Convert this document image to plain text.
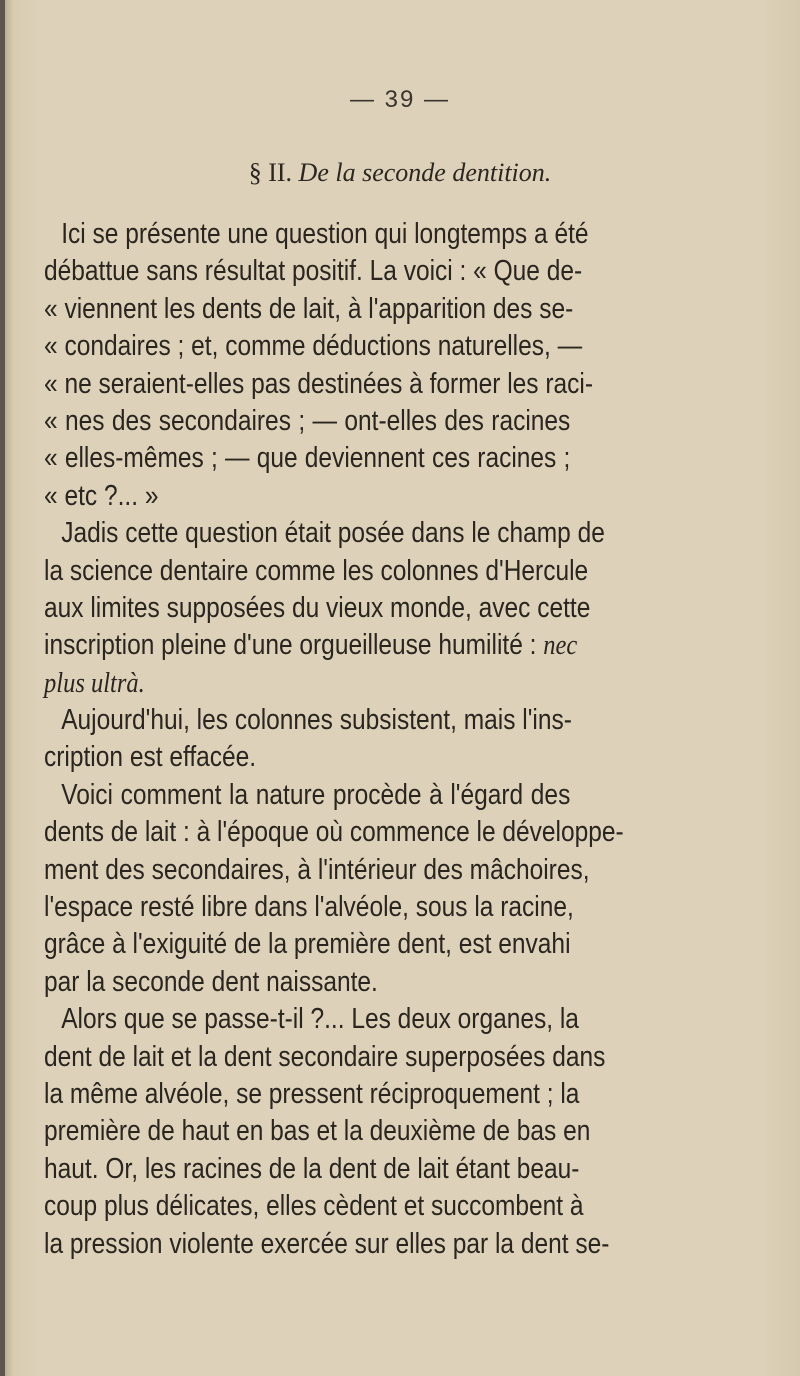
— 39 —
§ II. De la seconde dentition.
Ici se présente une question qui longtemps a été
débattue sans résultat positif. La voici : « Que de-
« viennent les dents de lait, à l'apparition des se-
« condaires ; et, comme déductions naturelles, —
« ne seraient-elles pas destinées à former les raci-
« nes des secondaires ; — ont-elles des racines
« elles-mêmes ; — que deviennent ces racines ;
« etc ?... »
Jadis cette question était posée dans le champ de
la science dentaire comme les colonnes d'Hercule
aux limites supposées du vieux monde, avec cette
inscription pleine d'une orgueilleuse humilité : nec
plus ultrà.
Aujourd'hui, les colonnes subsistent, mais l'ins-
cription est effacée.
Voici comment la nature procède à l'égard des
dents de lait : à l'époque où commence le développe-
ment des secondaires, à l'intérieur des mâchoires,
l'espace resté libre dans l'alvéole, sous la racine,
grâce à l'exiguité de la première dent, est envahi
par la seconde dent naissante.
Alors que se passe-t-il ?... Les deux organes, la
dent de lait et la dent secondaire superposées dans
la même alvéole, se pressent réciproquement ; la
première de haut en bas et la deuxième de bas en
haut. Or, les racines de la dent de lait étant beau-
coup plus délicates, elles cèdent et succombent à
la pression violente exercée sur elles par la dent se-
